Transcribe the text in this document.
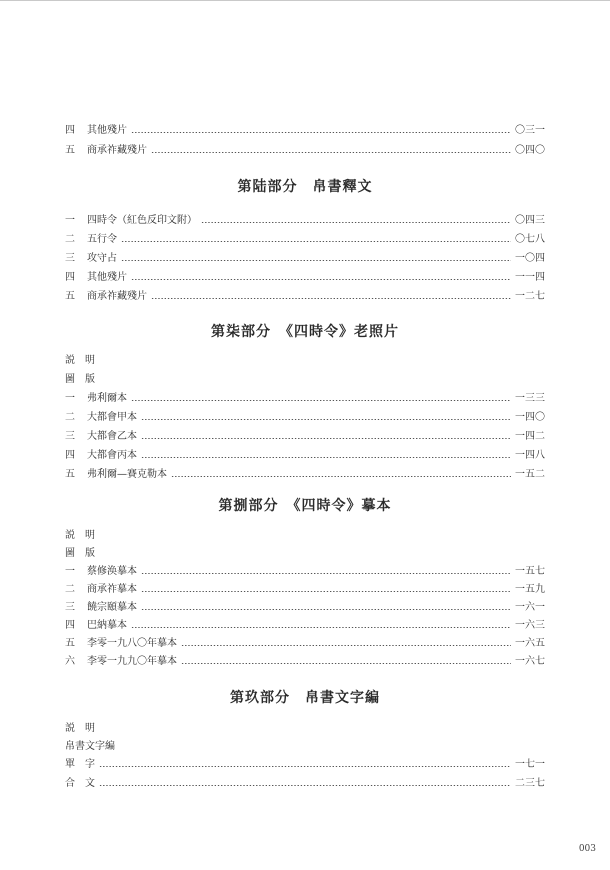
四	其他殘片	〇三一
五	商承祚藏殘片	〇四〇
第陆部分　帛書釋文
一	四時令（紅色反印文附）	〇四三
二	五行令	〇七八
三	攻守占	一〇四
四	其他殘片	一一四
五	商承祚藏殘片	一二七
第柒部分　《四時令》老照片
説　明
圖　版
一	弗利爾本	一三三
二	大都會甲本	一四〇
三	大都會乙本	一四二
四	大都會丙本	一四八
五	弗利爾—賽克勒本	一五二
第捌部分　《四時令》摹本
説　明
圖　版
一	蔡修涣摹本	一五七
二	商承祚摹本	一五九
三	饒宗頤摹本	一六一
四	巴納摹本	一六三
五	李零一九八〇年摹本	一六五
六	李零一九九〇年摹本	一六七
第玖部分　帛書文字編
説　明
帛書文字編
單　字	一七一
合　文	二三七
003
